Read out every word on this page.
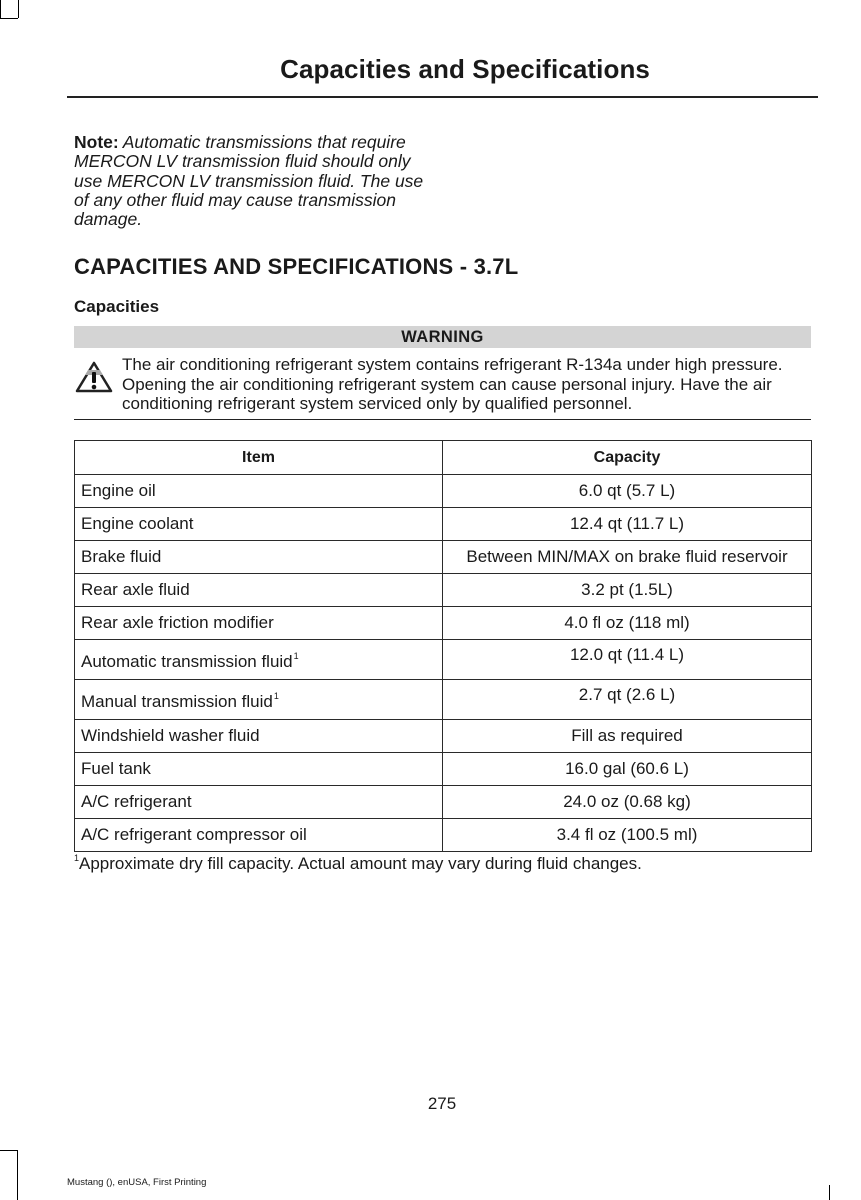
Capacities and Specifications
Note: Automatic transmissions that require MERCON LV transmission fluid should only use MERCON LV transmission fluid. The use of any other fluid may cause transmission damage.
CAPACITIES AND SPECIFICATIONS - 3.7L
Capacities
WARNING
The air conditioning refrigerant system contains refrigerant R-134a under high pressure. Opening the air conditioning refrigerant system can cause personal injury. Have the air conditioning refrigerant system serviced only by qualified personnel.
Item	Capacity
Engine oil	6.0 qt (5.7 L)
Engine coolant	12.4 qt (11.7 L)
Brake fluid	Between MIN/MAX on brake fluid reservoir
Rear axle fluid	3.2 pt (1.5L)
Rear axle friction modifier	4.0 fl oz (118 ml)
Automatic transmission fluid$^1$	12.0 qt (11.4 L)
Manual transmission fluid$^1$	2.7 qt (2.6 L)
Windshield washer fluid	Fill as required
Fuel tank	16.0 gal (60.6 L)
A/C refrigerant	24.0 oz (0.68 kg)
A/C refrigerant compressor oil	3.4 fl oz (100.5 ml)
$^1$Approximate dry fill capacity. Actual amount may vary during fluid changes.
275
Mustang (), enUSA, First Printing
